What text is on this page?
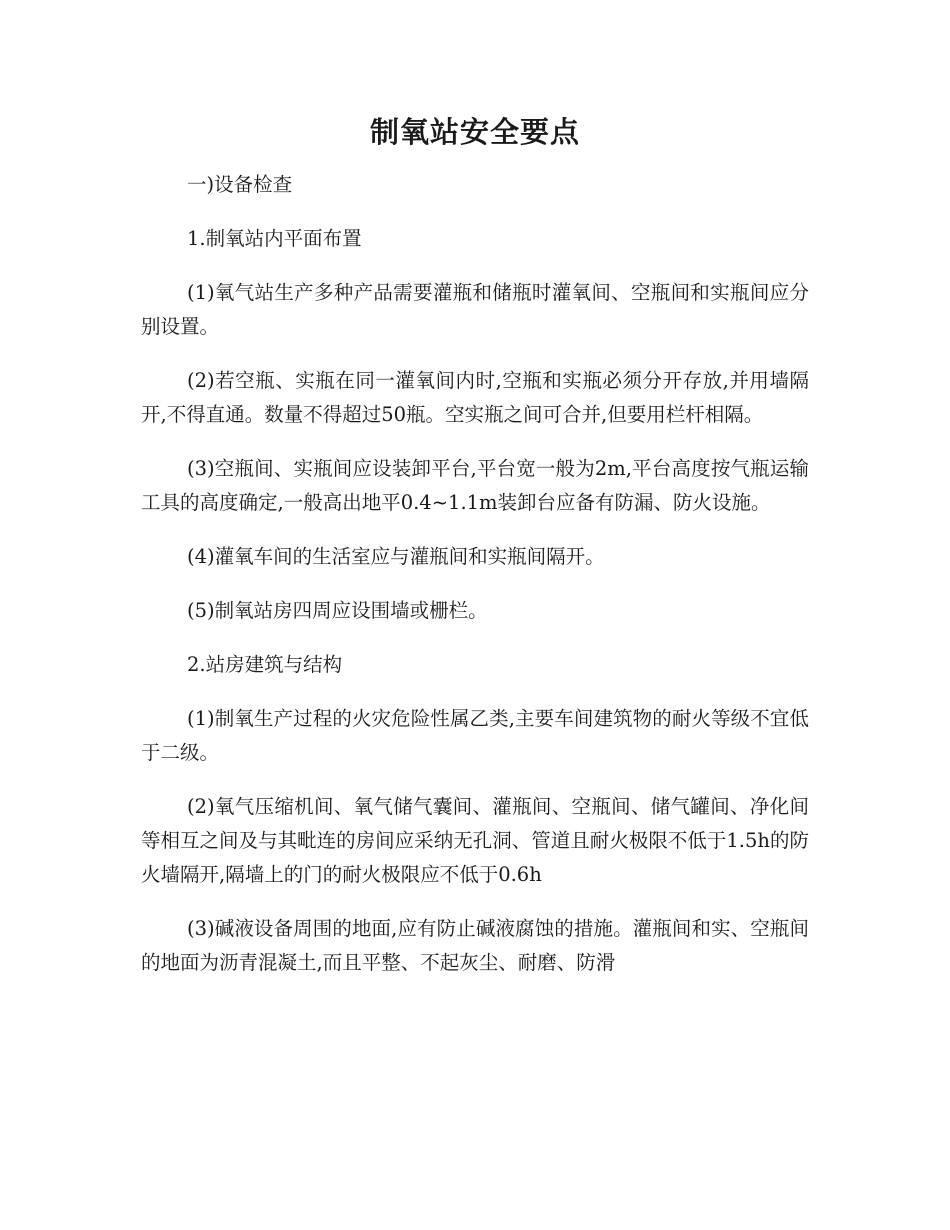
制氧站安全要点

一)设备检查

1.制氧站内平面布置

(1)氧气站生产多种产品需要灌瓶和储瓶时灌氧间、空瓶间和实瓶间应分别设置。

(2)若空瓶、实瓶在同一灌氧间内时,空瓶和实瓶必须分开存放,并用墙隔开,不得直通。数量不得超过50瓶。空实瓶之间可合并,但要用栏杆相隔。

(3)空瓶间、实瓶间应设装卸平台,平台宽一般为2m,平台高度按气瓶运输工具的高度确定,一般高出地平0.4~1.1m装卸台应备有防漏、防火设施。

(4)灌氧车间的生活室应与灌瓶间和实瓶间隔开。

(5)制氧站房四周应设围墙或栅栏。

2.站房建筑与结构

(1)制氧生产过程的火灾危险性属乙类,主要车间建筑物的耐火等级不宜低于二级。

(2)氧气压缩机间、氧气储气囊间、灌瓶间、空瓶间、储气罐间、净化间等相互之间及与其毗连的房间应采纳无孔洞、管道且耐火极限不低于1.5h的防火墙隔开,隔墙上的门的耐火极限应不低于0.6h

(3)碱液设备周围的地面,应有防止碱液腐蚀的措施。灌瓶间和实、空瓶间的地面为沥青混凝土,而且平整、不起灰尘、耐磨、防滑
